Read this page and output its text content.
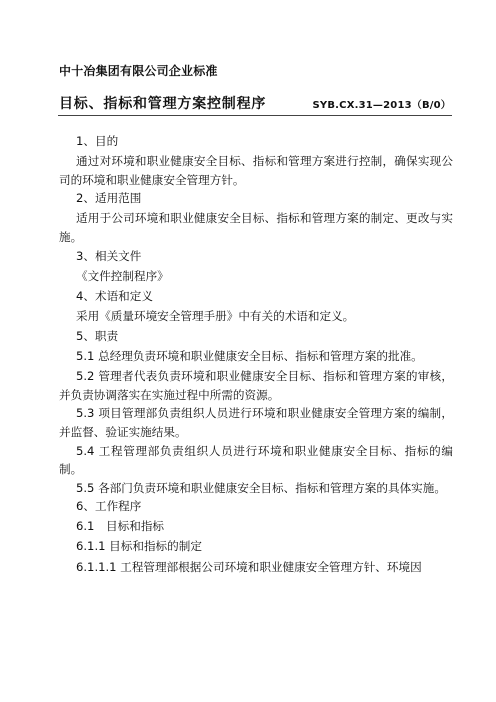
中十冶集团有限公司企业标准
目标、指标和管理方案控制程序	SYB.CX.31—2013（B/0）

1、目的

通过对环境和职业健康安全目标、指标和管理方案进行控制，确保实现公司的环境和职业健康安全管理方针。

2、适用范围

适用于公司环境和职业健康安全目标、指标和管理方案的制定、更改与实施。

3、相关文件

《文件控制程序》

4、术语和定义

采用《质量环境安全管理手册》中有关的术语和定义。

5、职责

5.1 总经理负责环境和职业健康安全目标、指标和管理方案的批准。

5.2 管理者代表负责环境和职业健康安全目标、指标和管理方案的审核，并负责协调落实在实施过程中所需的资源。

5.3 项目管理部负责组织人员进行环境和职业健康安全管理方案的编制，并监督、验证实施结果。

5.4 工程管理部负责组织人员进行环境和职业健康安全目标、指标的编制。

5.5 各部门负责环境和职业健康安全目标、指标和管理方案的具体实施。

6、工作程序

6.1　目标和指标

6.1.1 目标和指标的制定

6.1.1.1 工程管理部根据公司环境和职业健康安全管理方针、环境因
